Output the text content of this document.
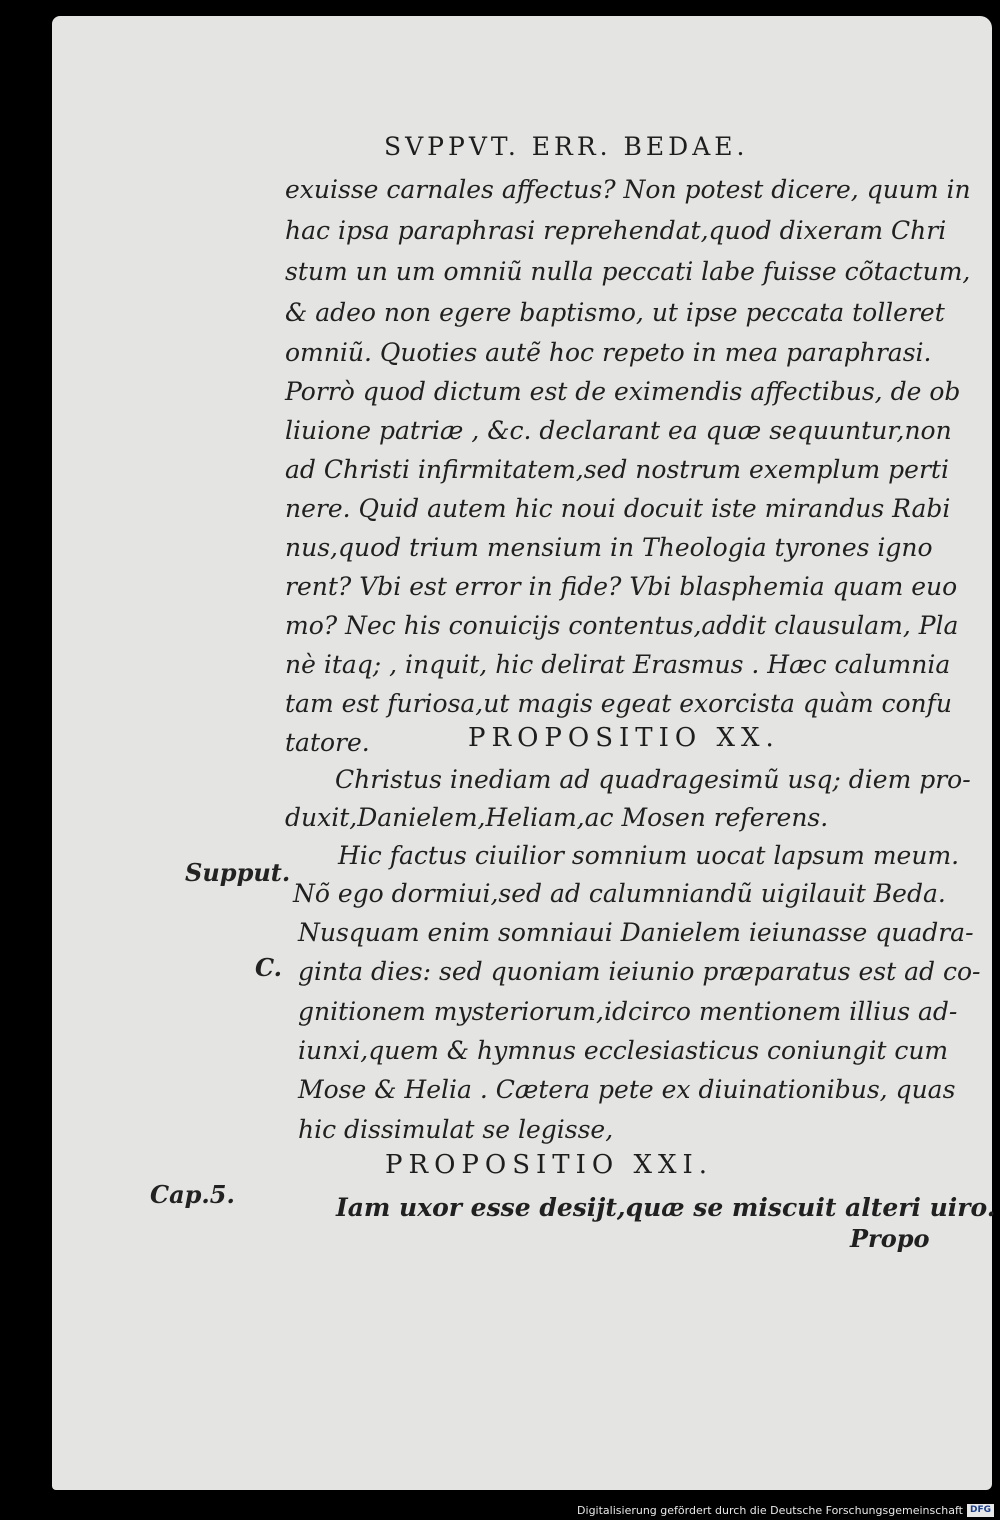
SVPPVT. ERR. BEDAE.
exuisse carnales affectus? Non potest dicere, quum in
hac ipsa paraphrasi reprehendat,quod dixeram Chri
stum un um omniũ nulla peccati labe fuisse cõtactum,
& adeo non egere baptismo, ut ipse peccata tolleret
omniũ. Quoties autẽ hoc repeto in mea paraphrasi.
Porrò quod dictum est de eximendis affectibus, de ob
liuione patriæ , &c. declarant ea quæ sequuntur,non
ad Christi infirmitatem,sed nostrum exemplum perti
nere. Quid autem hic noui docuit iste mirandus Rabi
nus,quod trium mensium in Theologia tyrones igno
rent? Vbi est error in fide? Vbi blasphemia quam euo
mo? Nec his conuicijs contentus,addit clausulam, Pla
nè itaq; , inquit, hic delirat Erasmus . Hæc calumnia
tam est furiosa,ut magis egeat exorcista quàm confu
tatore.	PROPOSITIO XX.
Christus inediam ad quadragesimũ usq; diem pro-
duxit,Danielem,Heliam,ac Mosen referens.
Supput.
C.
Hic factus ciuilior somnium uocat lapsum meum.
Nõ ego dormiui,sed ad calumniandũ uigilauit Beda.
Nusquam enim somniaui Danielem ieiunasse quadra-
ginta dies: sed quoniam ieiunio præparatus est ad co-
gnitionem mysteriorum,idcirco mentionem illius ad-
iunxi,quem & hymnus ecclesiasticus coniungit cum
Mose & Helia . Cætera pete ex diuinationibus, quas
hic dissimulat se legisse,
PROPOSITIO XXI.
Cap.5.	Iam uxor esse desijt,quæ se miscuit alteri uiro.
Propo
Digitalisierung gefördert durch die Deutsche Forschungsgemeinschaft DFG
